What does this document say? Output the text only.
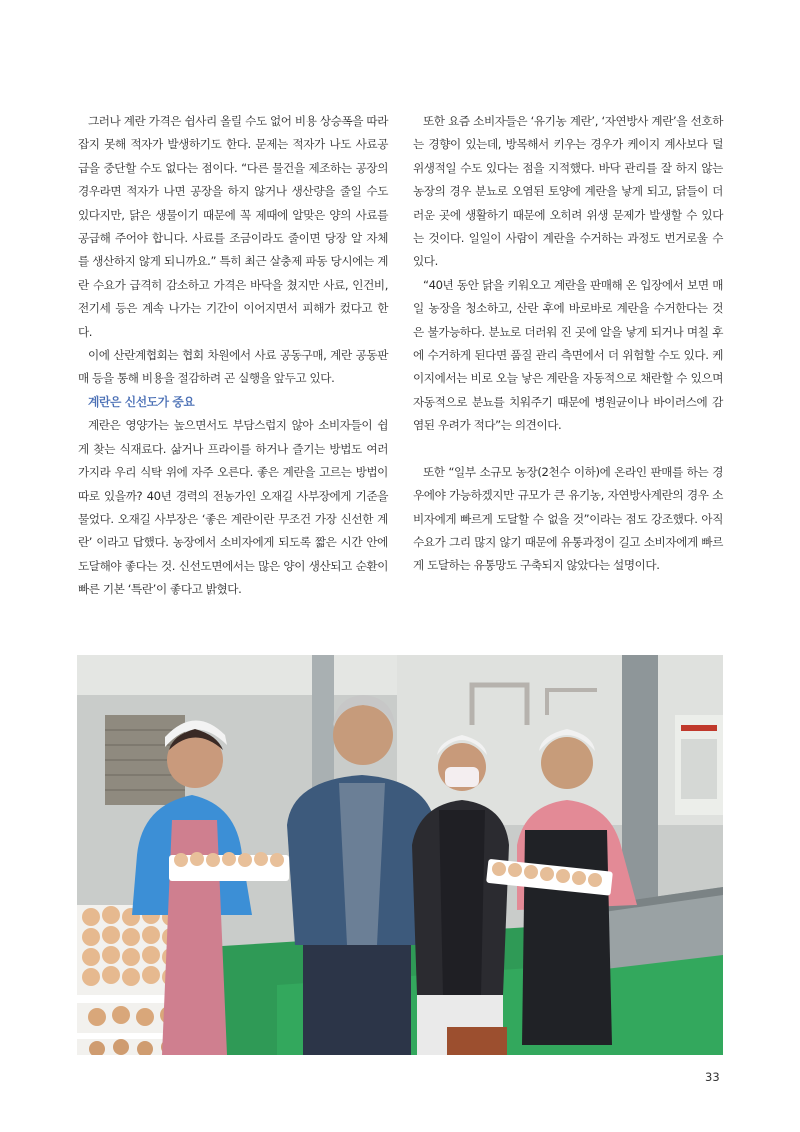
그러나 계란 가격은 쉽사리 올릴 수도 없어 비용 상승폭을 따라잡지 못해 적자가 발생하기도 한다. 문제는 적자가 나도 사료공급을 중단할 수도 없다는 점이다. “다른 물건을 제조하는 공장의 경우라면 적자가 나면 공장을 하지 않거나 생산량을 줄일 수도 있다지만, 닭은 생물이기 때문에 꼭 제때에 알맞은 양의 사료를 공급해 주어야 합니다. 사료를 조금이라도 줄이면 당장 알 자체를 생산하지 않게 되니까요.” 특히 최근 살충제 파동 당시에는 계란 수요가 급격히 감소하고 가격은 바닥을 쳤지만 사료, 인건비, 전기세 등은 계속 나가는 기간이 이어지면서 피해가 컸다고 한다.

이에 산란계협회는 협회 차원에서 사료 공동구매, 계란 공동판매 등을 통해 비용을 절감하려 곤 실행을 앞두고 있다.

계란은 신선도가 중요

계란은 영양가는 높으면서도 부담스럽지 않아 소비자들이 쉽게 찾는 식재료다. 삶거나 프라이를 하거나 즐기는 방법도 여러 가지라 우리 식탁 위에 자주 오른다. 좋은 계란을 고르는 방법이 따로 있을까? 40년 경력의 전농가인 오재길 사부장에게 기준을 물었다. 오재길 사부장은 ‘좋은 계란이란 무조건 가장 신선한 계란’ 이라고 답했다. 농장에서 소비자에게 되도록 짧은 시간 안에 도달해야 좋다는 것. 신선도면에서는 많은 양이 생산되고 순환이 빠른 기본 ‘특란’이 좋다고 밝혔다.

또한 요즘 소비자들은 ‘유기농 계란’, ‘자연방사 계란’을 선호하는 경향이 있는데, 방목해서 키우는 경우가 케이지 계사보다 덜 위생적일 수도 있다는 점을 지적했다. 바닥 관리를 잘 하지 않는 농장의 경우 분뇨로 오염된 토양에 계란을 낳게 되고, 닭들이 더러운 곳에 생활하기 때문에 오히려 위생 문제가 발생할 수 있다는 것이다. 일일이 사람이 계란을 수거하는 과정도 번거로울 수 있다.

“40년 동안 닭을 키워오고 계란을 판매해 온 입장에서 보면 매일 농장을 청소하고, 산란 후에 바로바로 계란을 수거한다는 것은 불가능하다. 분뇨로 더러워 진 곳에 알을 낳게 되거나 며칠 후에 수거하게 된다면 품질 관리 측면에서 더 위험할 수도 있다. 케이지에서는 비로 오늘 낳은 계란을 자동적으로 채란할 수 있으며 자동적으로 분뇨를 치워주기 때문에 병원균이나 바이러스에 감염된 우려가 적다”는 의견이다.

또한 “일부 소규모 농장(2천수 이하)에 온라인 판매를 하는 경우에야 가능하겠지만 규모가 큰 유기농, 자연방사계란의 경우 소비자에게 빠르게 도달할 수 없을 것”이라는 점도 강조했다. 아직 수요가 그리 많지 않기 때문에 유통과정이 길고 소비자에게 빠르게 도달하는 유통망도 구축되지 않았다는 설명이다.

33
